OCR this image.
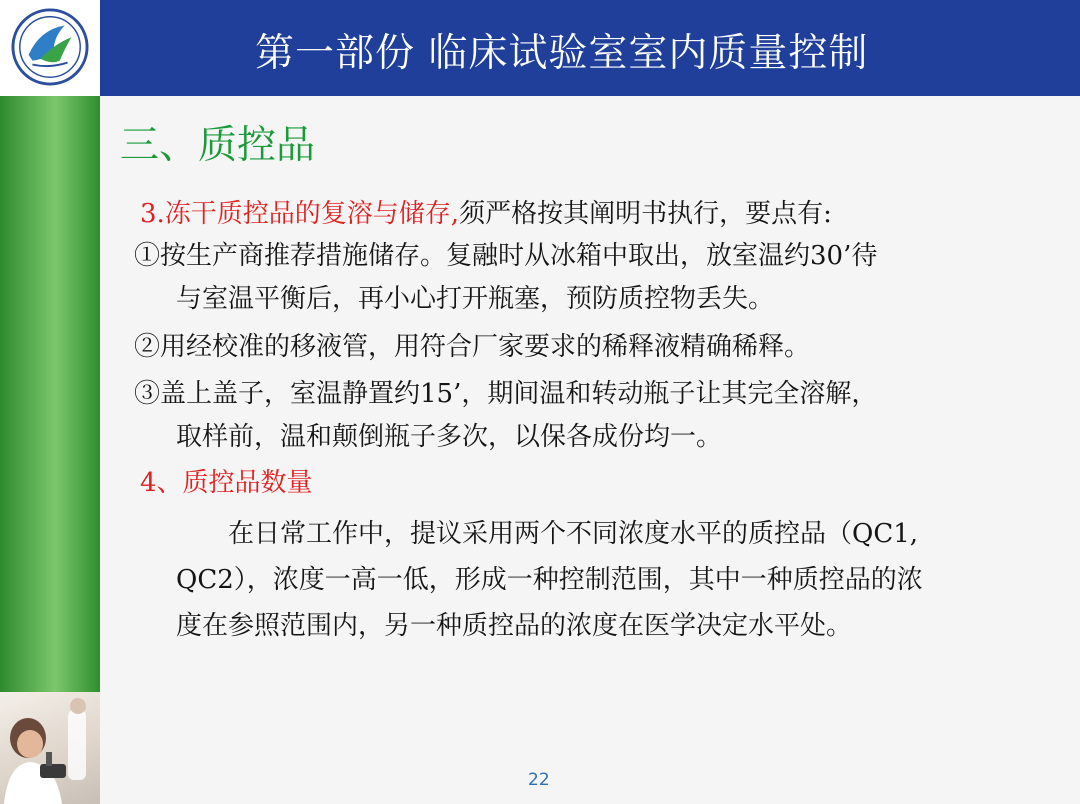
第一部份 临床试验室室内质量控制
三、质控品
3.冻干质控品的复溶与储存,须严格按其阐明书执行，要点有:
①按生产商推荐措施储存。复融时从冰箱中取出，放室温约30’待
与室温平衡后，再小心打开瓶塞，预防质控物丢失。
②用经校准的移液管，用符合厂家要求的稀释液精确稀释。
③盖上盖子，室温静置约15’，期间温和转动瓶子让其完全溶解，
取样前，温和颠倒瓶子多次，以保各成份均一。
4、质控品数量
在日常工作中，提议采用两个不同浓度水平的质控品（QC1,
QC2），浓度一高一低，形成一种控制范围，其中一种质控品的浓
度在参照范围内，另一种质控品的浓度在医学决定水平处。
22
